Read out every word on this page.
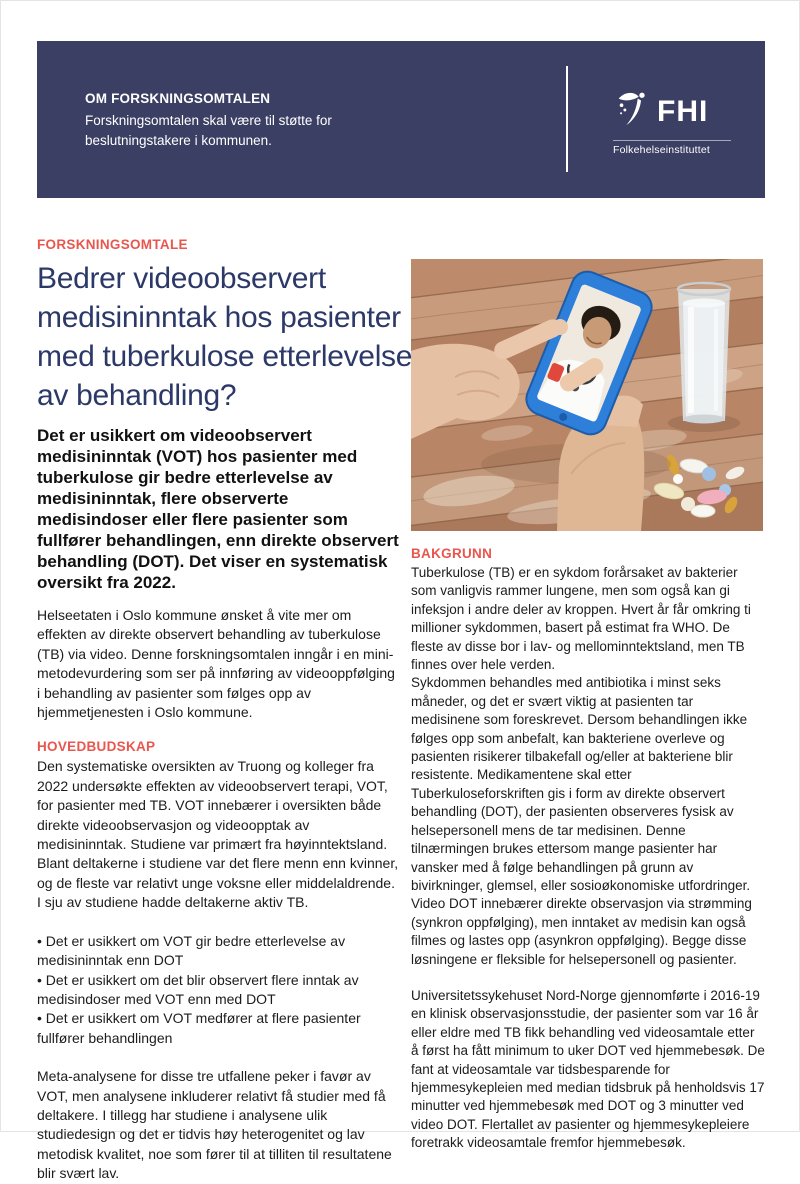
OM FORSKNINGSOMTALEN
Forskningsomtalen skal være til støtte for beslutningstakere i kommunen.
FHI
Folkehelseinstituttet
FORSKNINGSOMTALE
Bedrer videoobservert medisininntak hos pasienter med tuberkulose etterlevelse av behandling?

Det er usikkert om videoobservert medisininntak (VOT) hos pasienter med tuberkulose gir bedre etterlevelse av medisininntak, flere observerte medisindoser eller flere pasienter som fullfører behandlingen, enn direkte observert behandling (DOT). Det viser en systematisk oversikt fra 2022.

Helseetaten i Oslo kommune ønsket å vite mer om effekten av direkte observert behandling av tuberkulose (TB) via video. Denne forskningsomtalen inngår i en mini-metodevurdering som ser på innføring av videooppfølging i behandling av pasienter som følges opp av hjemmetjenesten i Oslo kommune.

HOVEDBUDSKAP

Den systematiske oversikten av Truong og kolleger fra 2022 undersøkte effekten av videoobservert terapi, VOT, for pasienter med TB. VOT innebærer i oversikten både direkte videoobservasjon og videoopptak av medisininntak. Studiene var primært fra høyinntektsland. Blant deltakerne i studiene var det flere menn enn kvinner, og de fleste var relativt unge voksne eller middelaldrende. I sju av studiene hadde deltakerne aktiv TB.

• Det er usikkert om VOT gir bedre etterlevelse av medisininntak enn DOT

• Det er usikkert om det blir observert flere inntak av medisindoser med VOT enn med DOT

• Det er usikkert om VOT medfører at flere pasienter fullfører behandlingen

Meta-analysene for disse tre utfallene peker i favør av VOT, men analysene inkluderer relativt få studier med få deltakere. I tillegg har studiene i analysene ulik studiedesign og det er tidvis høy heterogenitet og lav metodisk kvalitet, noe som fører til at tilliten til resultatene blir svært lav.

BAKGRUNN

Tuberkulose (TB) er en sykdom forårsaket av bakterier som vanligvis rammer lungene, men som også kan gi infeksjon i andre deler av kroppen. Hvert år får omkring ti millioner sykdommen, basert på estimat fra WHO. De fleste av disse bor i lav- og mellominntektsland, men TB finnes over hele verden.

Sykdommen behandles med antibiotika i minst seks måneder, og det er svært viktig at pasienten tar medisinene som foreskrevet. Dersom behandlingen ikke følges opp som anbefalt, kan bakteriene overleve og pasienten risikerer tilbakefall og/eller at bakteriene blir resistente. Medikamentene skal etter Tuberkuloseforskriften gis i form av direkte observert behandling (DOT), der pasienten observeres fysisk av helsepersonell mens de tar medisinen. Denne tilnærmingen brukes ettersom mange pasienter har vansker med å følge behandlingen på grunn av bivirkninger, glemsel, eller sosioøkonomiske utfordringer. Video DOT innebærer direkte observasjon via strømming (synkron oppfølging), men inntaket av medisin kan også filmes og lastes opp (asynkron oppfølging). Begge disse løsningene er fleksible for helsepersonell og pasienter.

Universitetssykehuset Nord-Norge gjennomførte i 2016-19 en klinisk observasjonsstudie, der pasienter som var 16 år eller eldre med TB fikk behandling ved videosamtale etter å først ha fått minimum to uker DOT ved hjemmebesøk. De fant at videosamtale var tidsbesparende for hjemmesykepleien med median tidsbruk på henholdsvis 17 minutter ved hjemmebesøk med DOT og 3 minutter ved video DOT. Flertallet av pasienter og hjemmesykepleiere foretrakk videosamtale fremfor hjemmebesøk.
